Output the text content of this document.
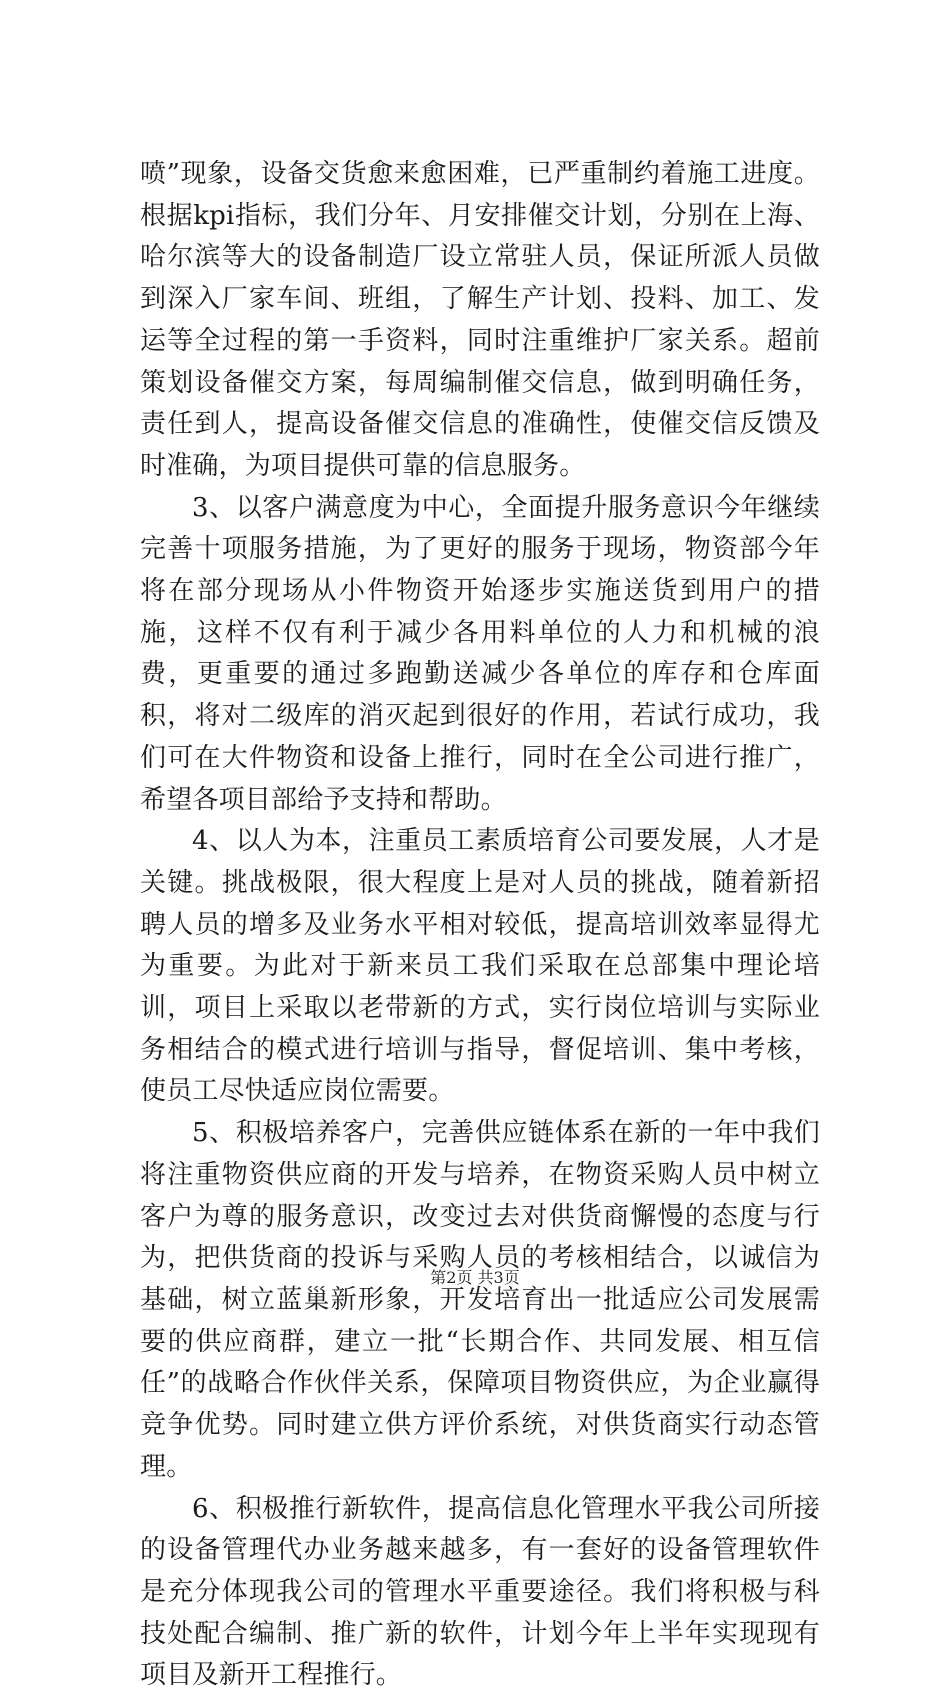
喷”现象，设备交货愈来愈困难，已严重制约着施工进度。根据kpi指标，我们分年、月安排催交计划，分别在上海、哈尔滨等大的设备制造厂设立常驻人员，保证所派人员做到深入厂家车间、班组，了解生产计划、投料、加工、发运等全过程的第一手资料，同时注重维护厂家关系。超前策划设备催交方案，每周编制催交信息，做到明确任务，责任到人，提高设备催交信息的准确性，使催交信反馈及时准确，为项目提供可靠的信息服务。

3、以客户满意度为中心，全面提升服务意识今年继续完善十项服务措施，为了更好的服务于现场，物资部今年将在部分现场从小件物资开始逐步实施送货到用户的措施，这样不仅有利于减少各用料单位的人力和机械的浪费，更重要的通过多跑勤送减少各单位的库存和仓库面积，将对二级库的消灭起到很好的作用，若试行成功，我们可在大件物资和设备上推行，同时在全公司进行推广，希望各项目部给予支持和帮助。

4、以人为本，注重员工素质培育公司要发展，人才是关键。挑战极限，很大程度上是对人员的挑战，随着新招聘人员的增多及业务水平相对较低，提高培训效率显得尤为重要。为此对于新来员工我们采取在总部集中理论培训，项目上采取以老带新的方式，实行岗位培训与实际业务相结合的模式进行培训与指导，督促培训、集中考核，使员工尽快适应岗位需要。

5、积极培养客户，完善供应链体系在新的一年中我们将注重物资供应商的开发与培养，在物资采购人员中树立客户为尊的服务意识，改变过去对供货商懈慢的态度与行为，把供货商的投诉与采购人员的考核相结合，以诚信为基础，树立蓝巢新形象，开发培育出一批适应公司发展需要的供应商群，建立一批“长期合作、共同发展、相互信任”的战略合作伙伴关系，保障项目物资供应，为企业赢得竞争优势。同时建立供方评价系统，对供货商实行动态管理。

6、积极推行新软件，提高信息化管理水平我公司所接的设备管理代办业务越来越多，有一套好的设备管理软件是充分体现我公司的管理水平重要途径。我们将积极与科技处配合编制、推广新的软件，计划今年上半年实现现有项目及新开工程推行。

第2页 共3页
